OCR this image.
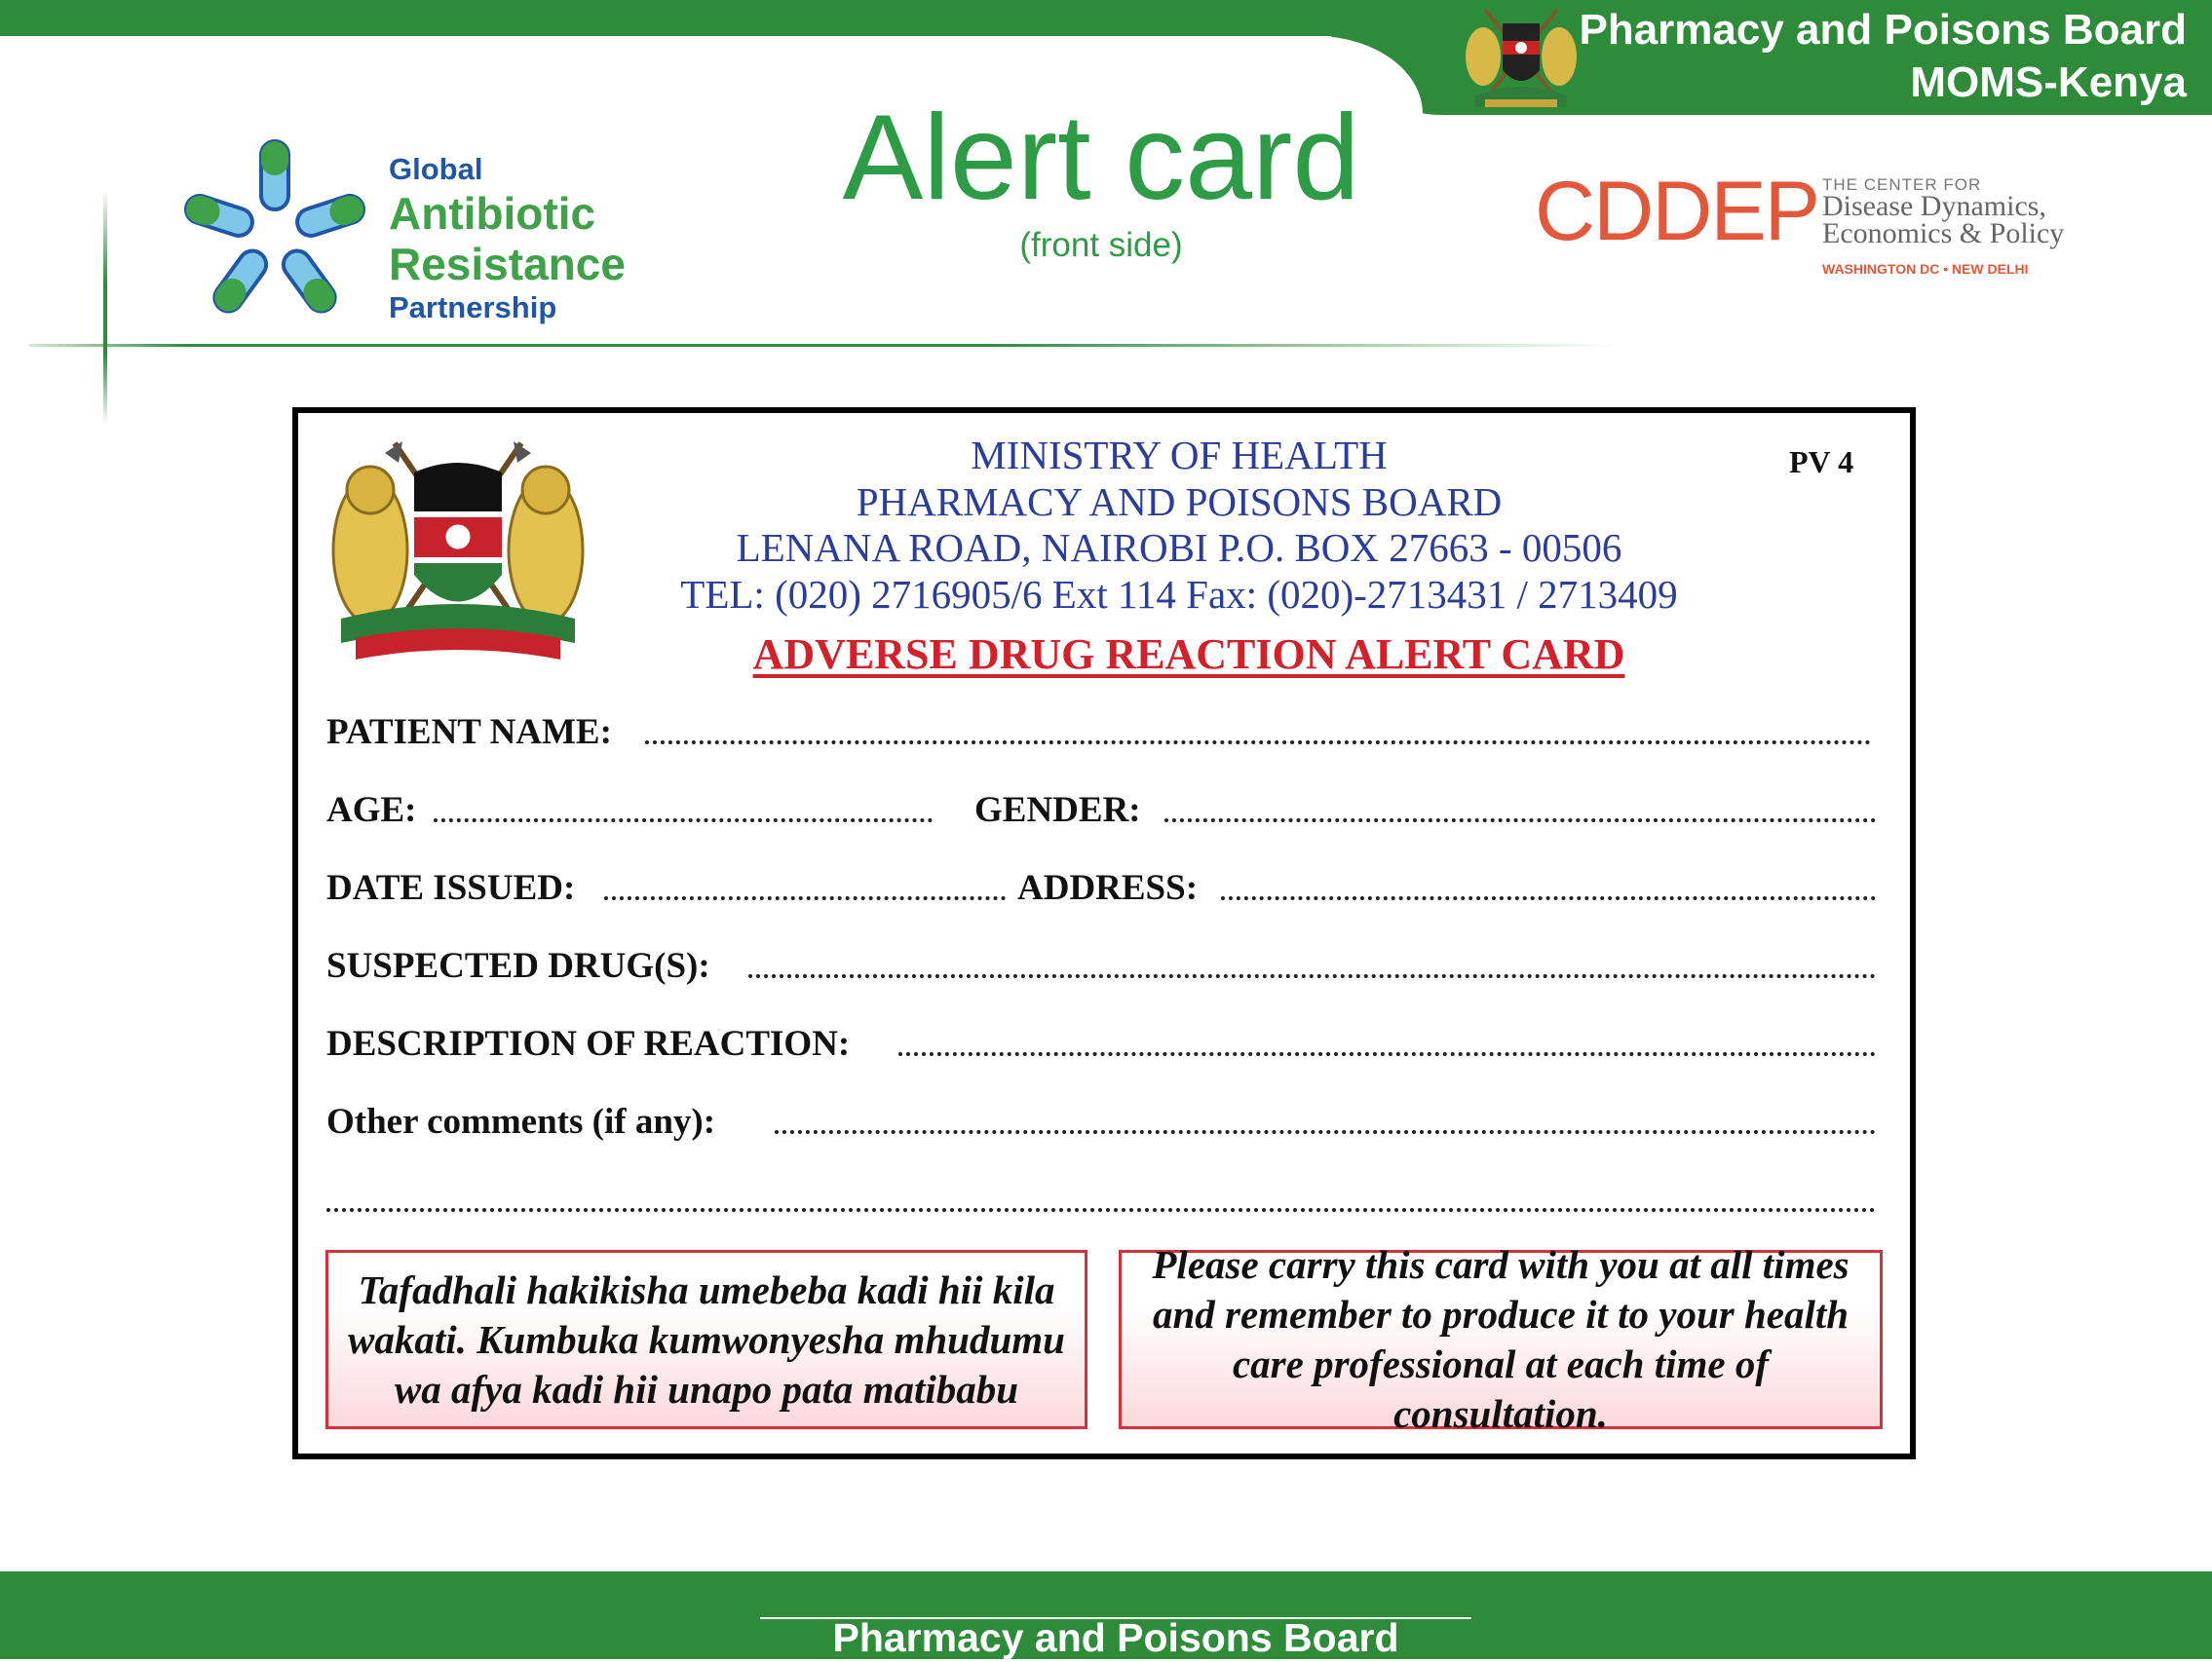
Pharmacy and Poisons Board
MOMS-Kenya
Global
Antibiotic
Resistance
Partnership
Alert card
(front side)	CDDEP THE CENTER FOR
Disease Dynamics,
Economics & Policy
WASHINGTON DC • NEW DELHI
PV 4
MINISTRY OF HEALTH
PHARMACY AND POISONS BOARD
LENANA ROAD, NAIROBI P.O. BOX 27663 - 00506
TEL: (020) 2716905/6 Ext 114 Fax: (020)-2713431 / 2713409
ADVERSE DRUG REACTION ALERT CARD
PATIENT NAME:
AGE:	GENDER:
DATE ISSUED:	ADDRESS:
SUSPECTED DRUG(S):
DESCRIPTION OF REACTION:
Other comments (if any):
Tafadhali hakikisha umebeba kadi hii kila wakati. Kumbuka kumwonyesha mhudumu wa afya kadi hii unapo pata matibabu
Please carry this card with you at all times and remember to produce it to your health care professional at each time of consultation.
Pharmacy and Poisons Board
